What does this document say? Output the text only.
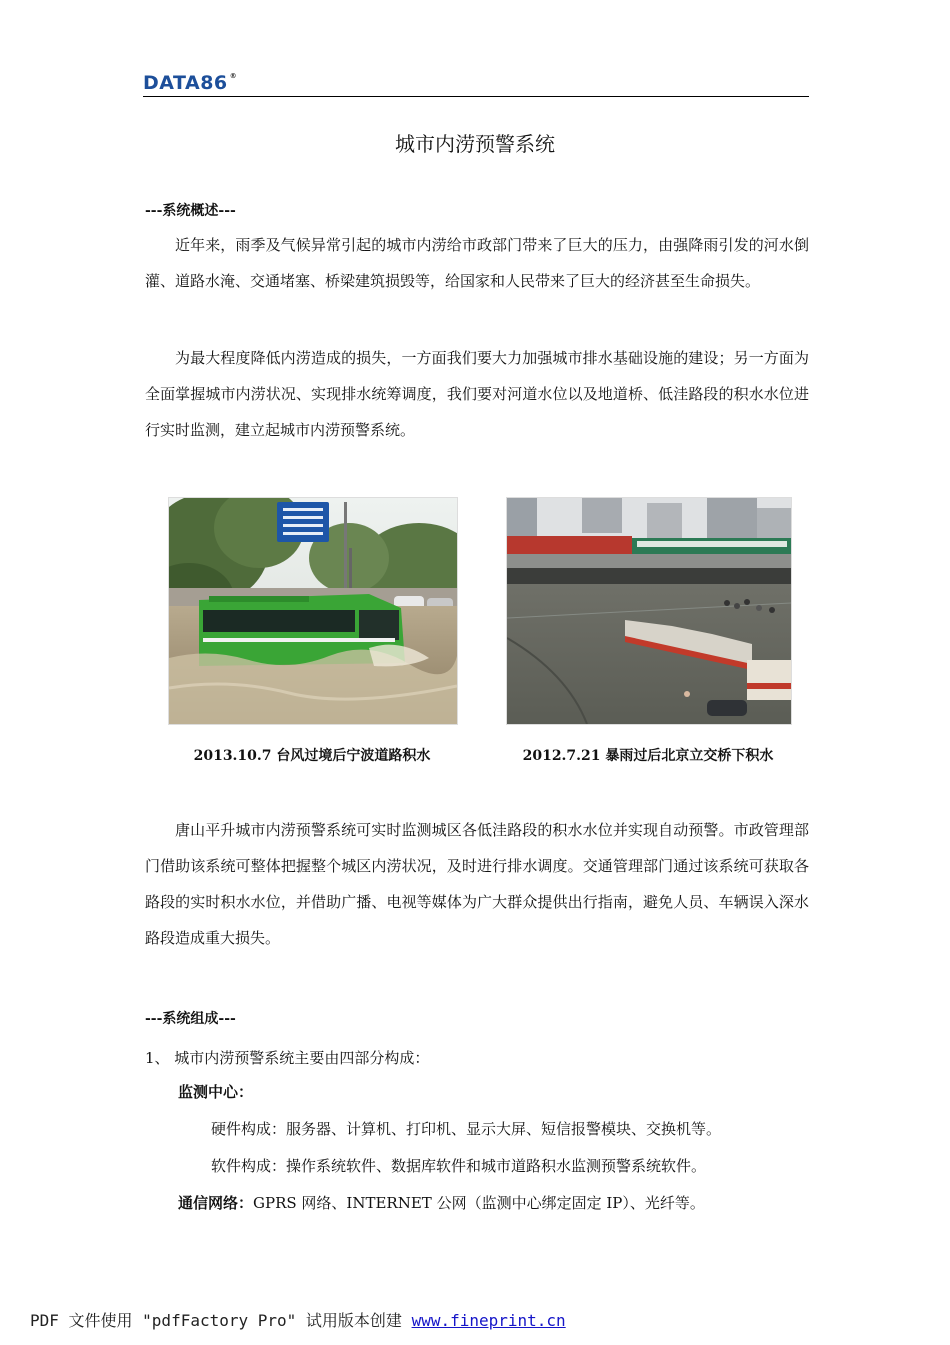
DATA86 ®
城市内涝预警系统
---系统概述---

近年来，雨季及气候异常引起的城市内涝给市政部门带来了巨大的压力，由强降雨引发的河水倒灌、道路水淹、交通堵塞、桥梁建筑损毁等，给国家和人民带来了巨大的经济甚至生命损失。

为最大程度降低内涝造成的损失，一方面我们要大力加强城市排水基础设施的建设；另一方面为全面掌握城市内涝状况、实现排水统筹调度，我们要对河道水位以及地道桥、低洼路段的积水水位进行实时监测，建立起城市内涝预警系统。

2013.10.7 台风过境后宁波道路积水	2012.7.21 暴雨过后北京立交桥下积水

唐山平升城市内涝预警系统可实时监测城区各低洼路段的积水水位并实现自动预警。市政管理部门借助该系统可整体把握整个城区内涝状况，及时进行排水调度。交通管理部门通过该系统可获取各路段的实时积水水位，并借助广播、电视等媒体为广大群众提供出行指南，避免人员、车辆误入深水路段造成重大损失。

---系统组成---
1、 城市内涝预警系统主要由四部分构成：
监测中心：
硬件构成：服务器、计算机、打印机、显示大屏、短信报警模块、交换机等。
软件构成：操作系统软件、数据库软件和城市道路积水监测预警系统软件。
通信网络：GPRS 网络、INTERNET 公网（监测中心绑定固定 IP）、光纤等。
PDF 文件使用 "pdfFactory Pro" 试用版本创建 www.fineprint.cn
